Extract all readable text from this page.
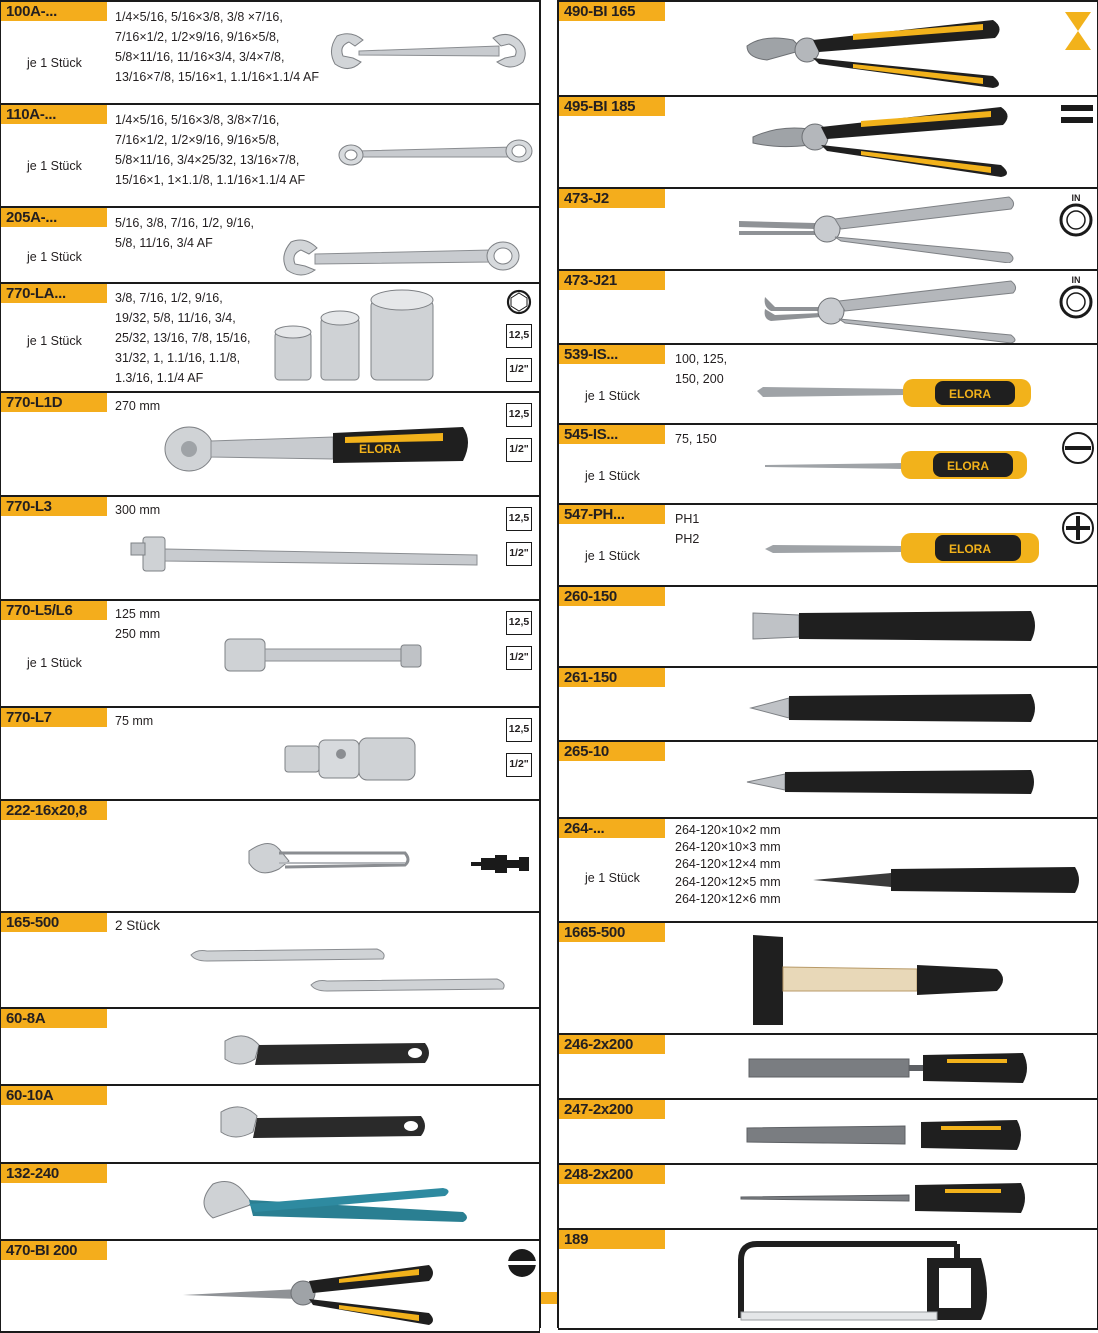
100A-...	1/4×5/16, 5/16×3/8, 3/8 ×7/16,
7/16×1/2, 1/2×9/16, 9/16×5/8,
5/8×11/16, 11/16×3/4, 3/4×7/8,
13/16×7/8, 15/16×1, 1.1/16×1.1/4 AF
je 1 Stück
110A-...	1/4×5/16, 5/16×3/8, 3/8×7/16,
7/16×1/2, 1/2×9/16, 9/16×5/8,
5/8×11/16, 3/4×25/32, 13/16×7/8,
15/16×1, 1×1.1/8, 1.1/16×1.1/4 AF
je 1 Stück
205A-...	5/16, 3/8, 7/16, 1/2, 9/16,
5/8, 11/16, 3/4 AF
je 1 Stück
770-LA...	3/8, 7/16, 1/2, 9/16,
19/32, 5/8, 11/16, 3/4,
25/32, 13/16, 7/8, 15/16,
31/32, 1, 1.1/16, 1.1/8,
1.3/16, 1.1/4 AF
je 1 Stück	12,5
1/2"
770-L1D	270 mm
ELORA
12,5
1/2"
770-L3	300 mm
12,5
1/2"
770-L5/L6	125 mm
250 mm
je 1 Stück
12,5
1/2"
770-L7	75 mm
12,5
1/2"
222-16x20,8
165-500	2 Stück
60-8A
60-10A
132-240
470-BI 200
490-BI 165
495-BI 185
473-J2	IN
473-J21	IN
539-IS...	100, 125,
150, 200
je 1 Stück	ELORA
545-IS...	75, 150
je 1 Stück
ELORA
547-PH...	PH1
PH2
je 1 Stück	ELORA
260-150
261-150
265-10
264-...	264-120×10×2 mm
264-120×10×3 mm
264-120×12×4 mm
264-120×12×5 mm
264-120×12×6 mm
je 1 Stück
1665-500
246-2x200
247-2x200
248-2x200
189
